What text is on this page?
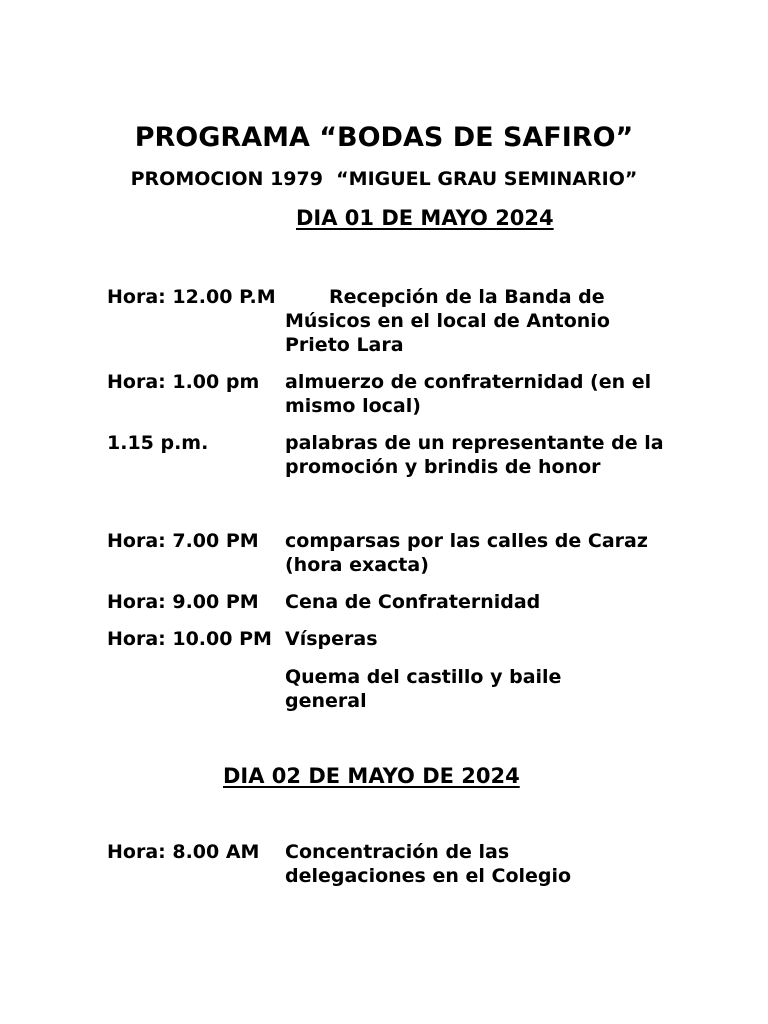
PROGRAMA “BODAS DE SAFIRO”
PROMOCION 1979  “MIGUEL GRAU SEMINARIO”
DIA 01 DE MAYO 2024
Hora: 12.00 P.M	Recepción de la Banda de Músicos en el local de Antonio Prieto Lara
Hora: 1.00 pm almuerzo de confraternidad (en el mismo local)
1.15 p.m.	palabras de un representante de la promoción y brindis de honor
Hora: 7.00 PM comparsas por las calles de Caraz (hora exacta)
Hora: 9.00 PM Cena de Confraternidad
Hora: 10.00 PM Vísperas
Quema del castillo y baile general
DIA 02 DE MAYO DE 2024
Hora: 8.00 AM Concentración de las delegaciones en el Colegio
